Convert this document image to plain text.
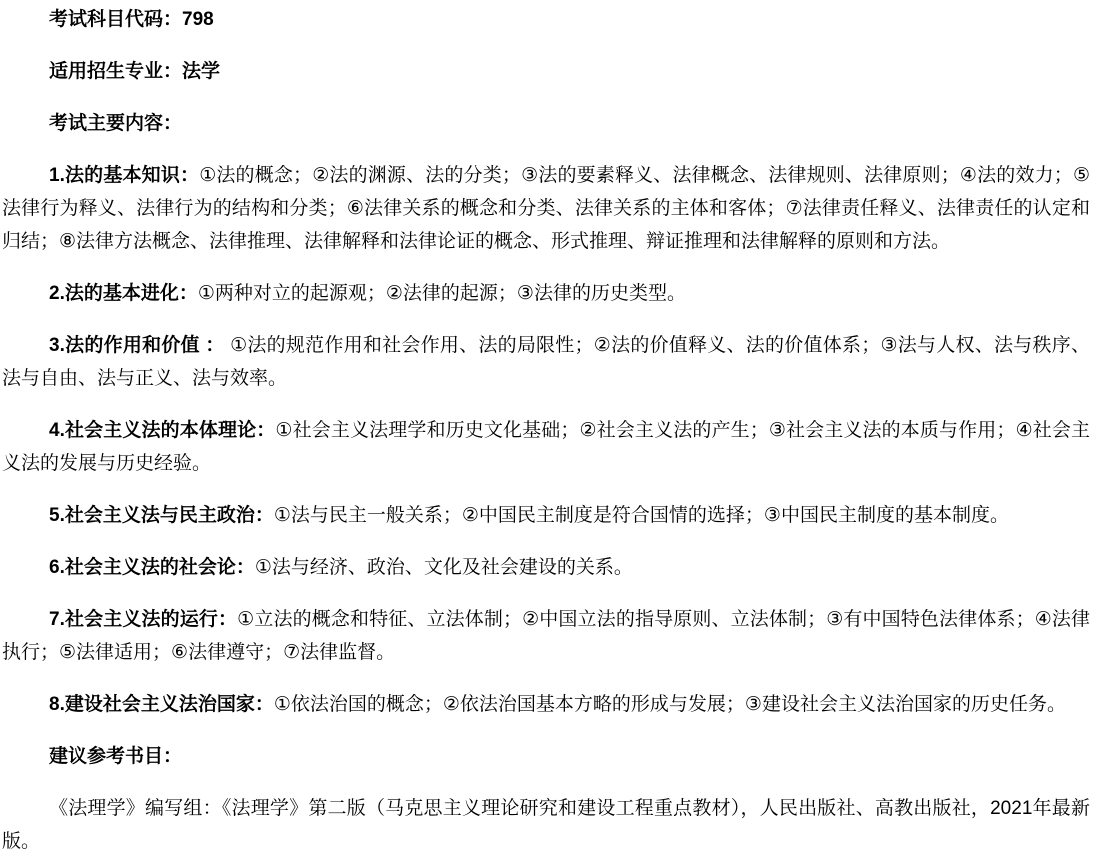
考试科目代码：798

适用招生专业：法学

考试主要内容：

1.法的基本知识：①法的概念；②法的渊源、法的分类；③法的要素释义、法律概念、法律规则、法律原则；④法的效力；⑤法律行为释义、法律行为的结构和分类；⑥法律关系的概念和分类、法律关系的主体和客体；⑦法律责任释义、法律责任的认定和归结；⑧法律方法概念、法律推理、法律解释和法律论证的概念、形式推理、辩证推理和法律解释的原则和方法。

2.法的基本进化：①两种对立的起源观；②法律的起源；③法律的历史类型。

3.法的作用和价值 ： ①法的规范作用和社会作用、法的局限性；②法的价值释义、法的价值体系；③法与人权、法与秩序、法与自由、法与正义、法与效率。

4.社会主义法的本体理论：①社会主义法理学和历史文化基础；②社会主义法的产生；③社会主义法的本质与作用；④社会主义法的发展与历史经验。

5.社会主义法与民主政治：①法与民主一般关系；②中国民主制度是符合国情的选择；③中国民主制度的基本制度。

6.社会主义法的社会论：①法与经济、政治、文化及社会建设的关系。

7.社会主义法的运行：①立法的概念和特征、立法体制；②中国立法的指导原则、立法体制；③有中国特色法律体系；④法律执行；⑤法律适用；⑥法律遵守；⑦法律监督。

8.建设社会主义法治国家：①依法治国的概念；②依法治国基本方略的形成与发展；③建设社会主义法治国家的历史任务。

建议参考书目：

《法理学》编写组：《法理学》第二版（马克思主义理论研究和建设工程重点教材），人民出版社、高教出版社，2021年最新版。
